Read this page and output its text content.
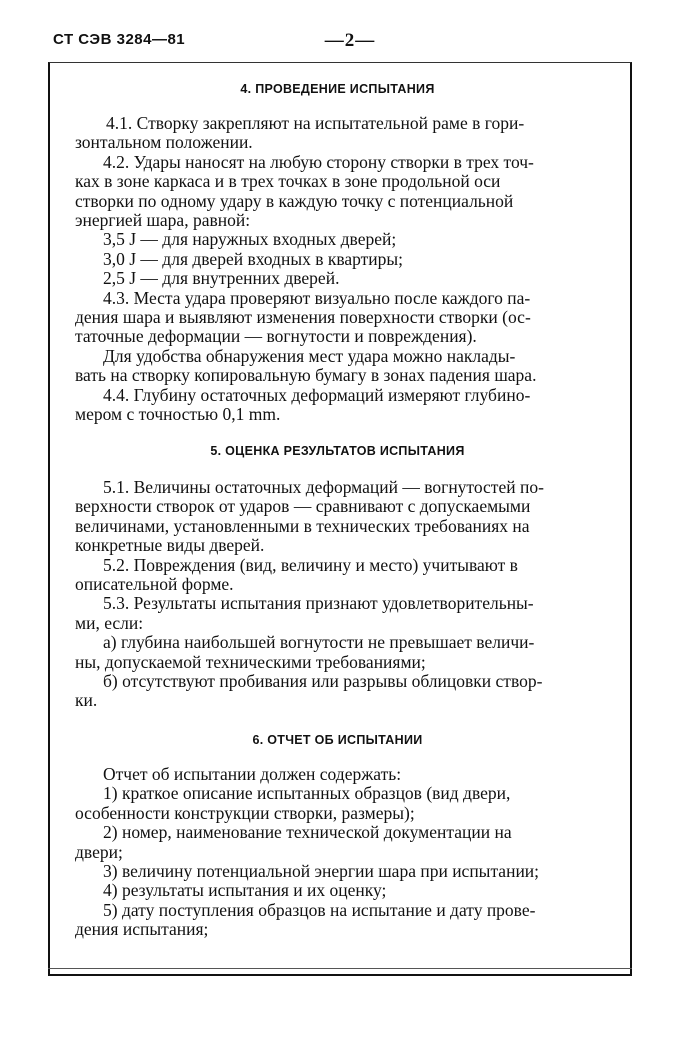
СТ СЭВ 3284—81	—2—
4. ПРОВЕДЕНИЕ ИСПЫТАНИЯ
4.1. Створку закрепляют на испытательной раме в гори-
зонтальном положении.
4.2. Удары наносят на любую сторону створки в трех точ-
ках в зоне каркаса и в трех точках в зоне продольной оси
створки по одному удару в каждую точку с потенциальной
энергией шара, равной:
3,5 J — для наружных входных дверей;
3,0 J — для дверей входных в квартиры;
2,5 J — для внутренних дверей.
4.3. Места удара проверяют визуально после каждого па-
дения шара и выявляют изменения поверхности створки (ос-
таточные деформации — вогнутости и повреждения).
Для удобства обнаружения мест удара можно наклады-
вать на створку копировальную бумагу в зонах падения шара.
4.4. Глубину остаточных деформаций измеряют глубино-
мером с точностью 0,1 mm.
5. ОЦЕНКА РЕЗУЛЬТАТОВ ИСПЫТАНИЯ
5.1. Величины остаточных деформаций — вогнутостей по-
верхности створок от ударов — сравнивают с допускаемыми
величинами, установленными в технических требованиях на
конкретные виды дверей.
5.2. Повреждения (вид, величину и место) учитывают в
описательной форме.
5.3. Результаты испытания признают удовлетворительны-
ми, если:
а) глубина наибольшей вогнутости не превышает величи-
ны, допускаемой техническими требованиями;
б) отсутствуют пробивания или разрывы облицовки створ-
ки.
6. ОТЧЕТ ОБ ИСПЫТАНИИ
Отчет об испытании должен содержать:
1) краткое описание испытанных образцов (вид двери,
особенности конструкции створки, размеры);
2) номер, наименование технической документации на
двери;
3) величину потенциальной энергии шара при испытании;
4) результаты испытания и их оценку;
5) дату поступления образцов на испытание и дату прове-
дения испытания;
